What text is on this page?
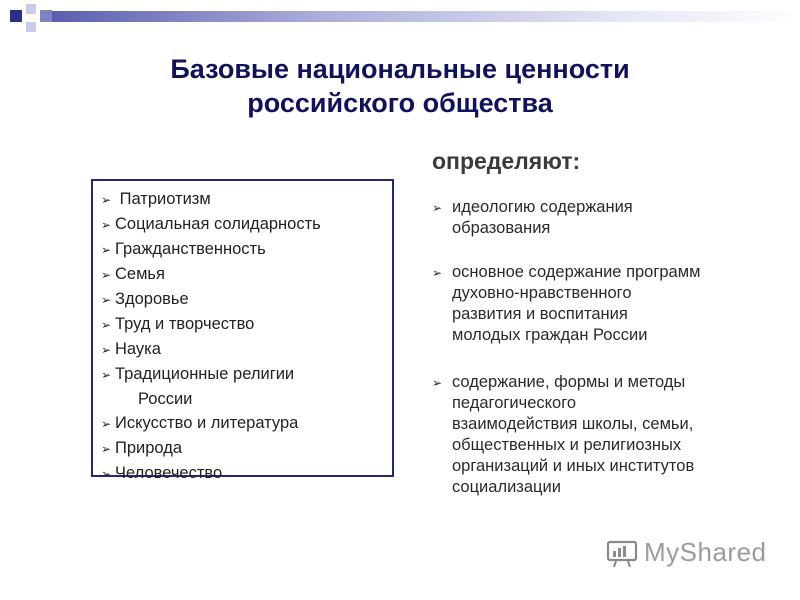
Базовые национальные ценности
российского общества
определяют:
➢ Патриотизм
➢ Социальная солидарность
➢ Гражданственность
➢ Семья
➢ Здоровье
➢ Труд и творчество
➢ Наука
➢ Традиционные религии
России
➢ Искусство и литература
➢ Природа
➢ Человечество
➢ идеологию содержания
образования
➢ основное содержание программ
духовно-нравственного
развития и воспитания
молодых граждан России
➢ содержание, формы и методы
педагогического
взаимодействия школы, семьи,
общественных и религиозных
организаций и иных институтов
социализации
MyShared
